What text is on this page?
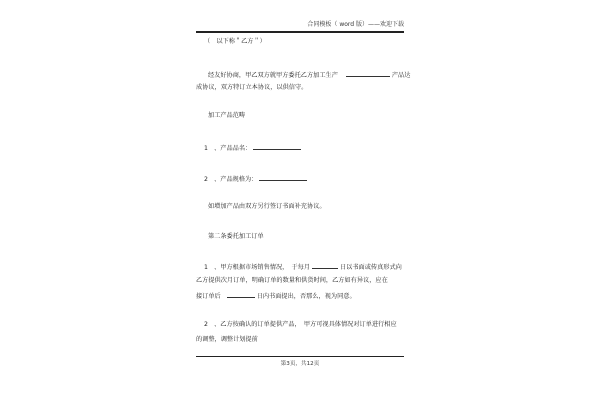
合同模板（ word 版）——欢迎下载
（　以下称＂乙方＂）
经友好协商，甲乙双方就甲方委托乙方加工生产	产品达
成协议，双方特订立本协议，以供信守。
加工产品范畴
1　、产品品名：
2　、产品规格为：
如增加产品由双方另行签订书面补充协议。
第二条委托加工订单
1　、甲方根据市场销售情况，　于每月	日以书面或传真形式向
乙方提供次月订单，明确订单的数量和供货时间，乙方如有异议，应在
接订单后	日内书面提出，否那么，视为同意。
2　、乙方按确认的订单提供产品，　甲方可视具体情况对订单进行相应
的调整，调整计划提前
第3页，共12页
